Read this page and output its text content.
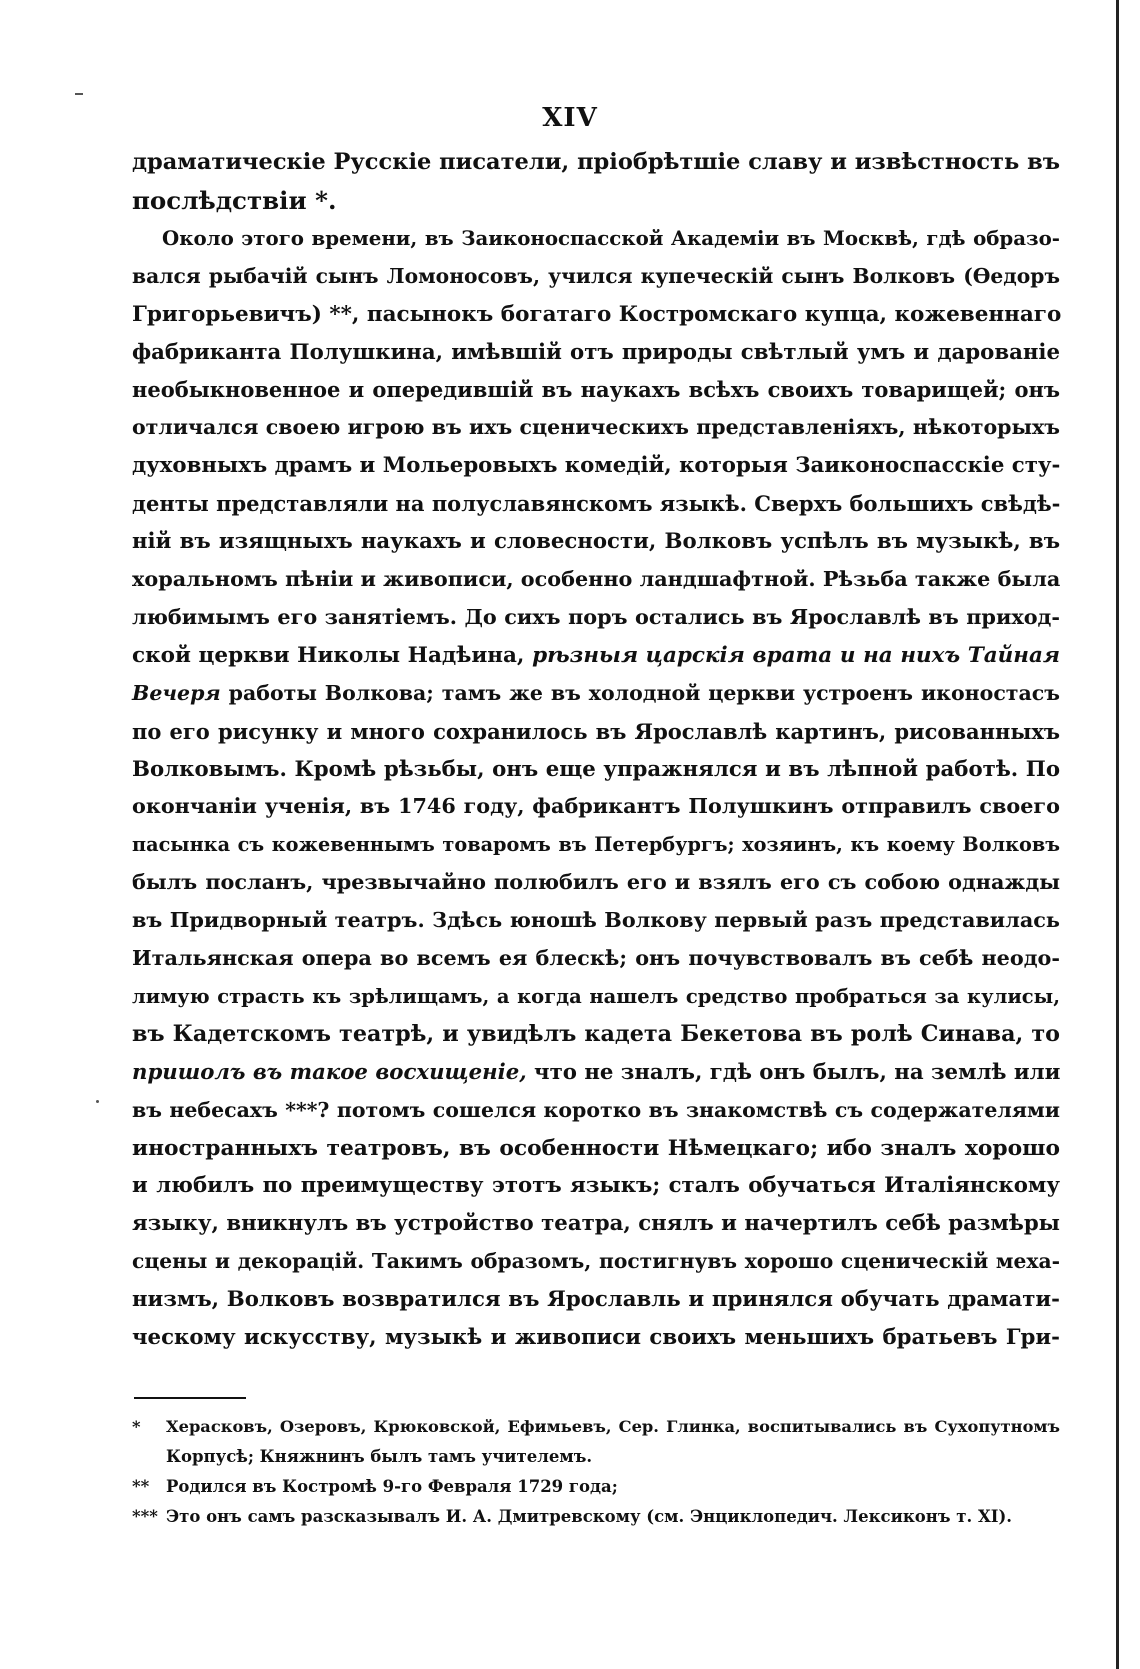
XIV
драматическіе Русскіе писатели, пріобрѣтшіе славу и извѣстность въ
послѣдствіи *.
Около этого времени, въ Заиконоспасской Академіи въ Москвѣ, гдѣ образо-
вался рыбачій сынъ Ломоносовъ, учился купеческій сынъ Волковъ (Ѳедоръ
Григорьевичъ) **, пасынокъ богатаго Костромскаго купца, кожевеннаго
фабриканта Полушкина, имѣвшій отъ природы свѣтлый умъ и дарованіе
необыкновенное и опередившій въ наукахъ всѣхъ своихъ товарищей; онъ
отличался своею игрою въ ихъ сценическихъ представленіяхъ, нѣкоторыхъ
духовныхъ драмъ и Мольеровыхъ комедій, которыя Заиконоспасскіе сту-
денты представляли на полуславянскомъ языкѣ. Сверхъ большихъ свѣдѣ-
ній въ изящныхъ наукахъ и словесности, Волковъ успѣлъ въ музыкѣ, въ
хоральномъ пѣніи и живописи, особенно ландшафтной. Рѣзьба также была
любимымъ его занятіемъ. До сихъ поръ остались въ Ярославлѣ въ приход-
ской церкви Николы Надѣина, рѣзныя царскія врата и на нихъ Тайная
Вечеря работы Волкова; тамъ же въ холодной церкви устроенъ иконостасъ
по его рисунку и много сохранилось въ Ярославлѣ картинъ, рисованныхъ
Волковымъ. Кромѣ рѣзьбы, онъ еще упражнялся и въ лѣпной работѣ. По
окончаніи ученія, въ 1746 году, фабрикантъ Полушкинъ отправилъ своего
пасынка съ кожевеннымъ товаромъ въ Петербургъ; хозяинъ, къ коему Волковъ
былъ посланъ, чрезвычайно полюбилъ его и взялъ его съ собою однажды
въ Придворный театръ. Здѣсь юношѣ Волкову первый разъ представилась
Итальянская опера во всемъ ея блескѣ; онъ почувствовалъ въ себѣ неодо-
лимую страсть къ зрѣлищамъ, а когда нашелъ средство пробраться за кулисы,
въ Кадетскомъ театрѣ, и увидѣлъ кадета Бекетова въ ролѣ Синава, то
пришолъ въ такое восхищеніе, что не зналъ, гдѣ онъ былъ, на землѣ или
въ небесахъ ***? потомъ сошелся коротко въ знакомствѣ съ содержателями
иностранныхъ театровъ, въ особенности Нѣмецкаго; ибо зналъ хорошо
и любилъ по преимуществу этотъ языкъ; сталъ обучаться Италіянскому
языку, вникнулъ въ устройство театра, снялъ и начертилъ себѣ размѣры
сцены и декорацій. Такимъ образомъ, постигнувъ хорошо сценическій меха-
низмъ, Волковъ возвратился въ Ярославль и принялся обучать драмати-
ческому искусству, музыкѣ и живописи своихъ меньшихъ братьевъ Гри-
* Херасковъ, Озеровъ, Крюковской, Ефимьевъ, Сер. Глинка, воспитывались въ Сухопутномъ
Корпусѣ; Княжнинъ былъ тамъ учителемъ.
** Родился въ Костромѣ 9-го Февраля 1729 года;
*** Это онъ самъ разсказывалъ И. А. Дмитревскому (см. Энциклопедич. Лексиконъ т. XI).
